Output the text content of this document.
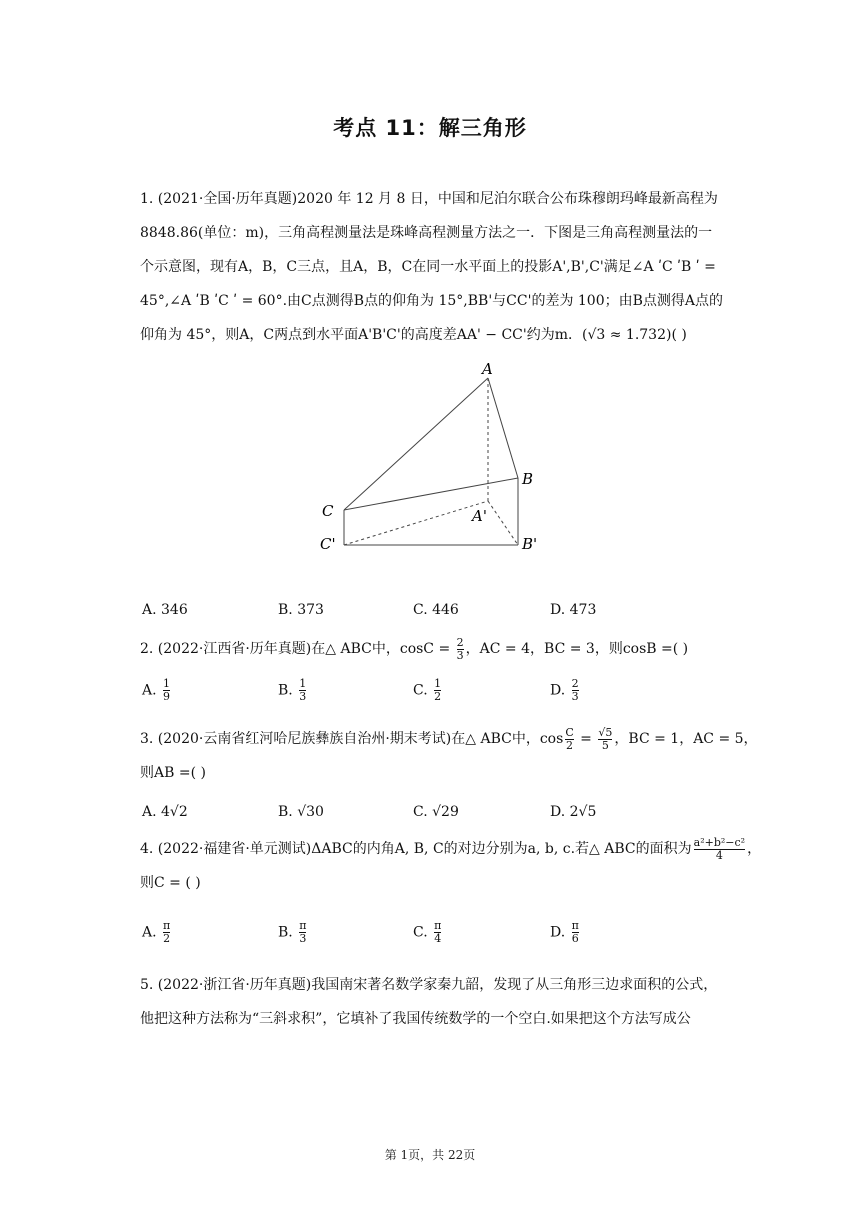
考点 11：解三角形
1. (2021·全国·历年真题)2020 年 12 月 8 日，中国和尼泊尔联合公布珠穆朗玛峰最新高程为
8848.86(单位：m)，三角高程测量法是珠峰高程测量方法之一．下图是三角高程测量法的一
个示意图，现有A，B，C三点，且A，B，C在同一水平面上的投影A',B',C'满足∠A ʹC ʹB ʹ =
45°,∠A ʹB ʹC ʹ = 60°.由C点测得B点的仰角为 15°,BB'与CC'的差为 100；由B点测得A点的
仰角为 45°，则A，C两点到水平面A'B'C'的高度差AA' − CC'约为m．(√3 ≈ 1.732)( )
A
B
C	A'
B'
C'
A. 346	B. 373	C. 446	D. 473
2. (2022·江西省·历年真题)在△ ABC中，$\cos C = \frac{2}{3}$ ，AC = 4，BC = 3，则cosB =( )
A. $\frac{1}{9}$	B. $\frac{1}{3}$	C. $\frac{1}{2}$	D. $\frac{2}{3}$
3. (2020·云南省红河哈尼族彝族自治州·期末考试)在△ ABC中，$\cos \frac{C}{2} = \frac{√5}{5}$ ，BC = 1，AC = 5，
则AB =( )
A. 4√2	B. √30	C. √29	D. 2√5
4. (2022·福建省·单元测试)ΔABC的内角A, B, C的对边分别为a, b, c.若△ ABC的面积为 $\frac{\text{a²+b²−c²}}{4}$ ，
则C = ( )
A. $\frac{\pi}{2}$	B. $\frac{\pi}{3}$	C. $\frac{\pi}{4}$	D. $\frac{\pi}{6}$
5. (2022·浙江省·历年真题)我国南宋著名数学家秦九韶，发现了从三角形三边求面积的公式，
他把这种方法称为“三斜求积”，它填补了我国传统数学的一个空白.如果把这个方法写成公
第 1页，共 22页
